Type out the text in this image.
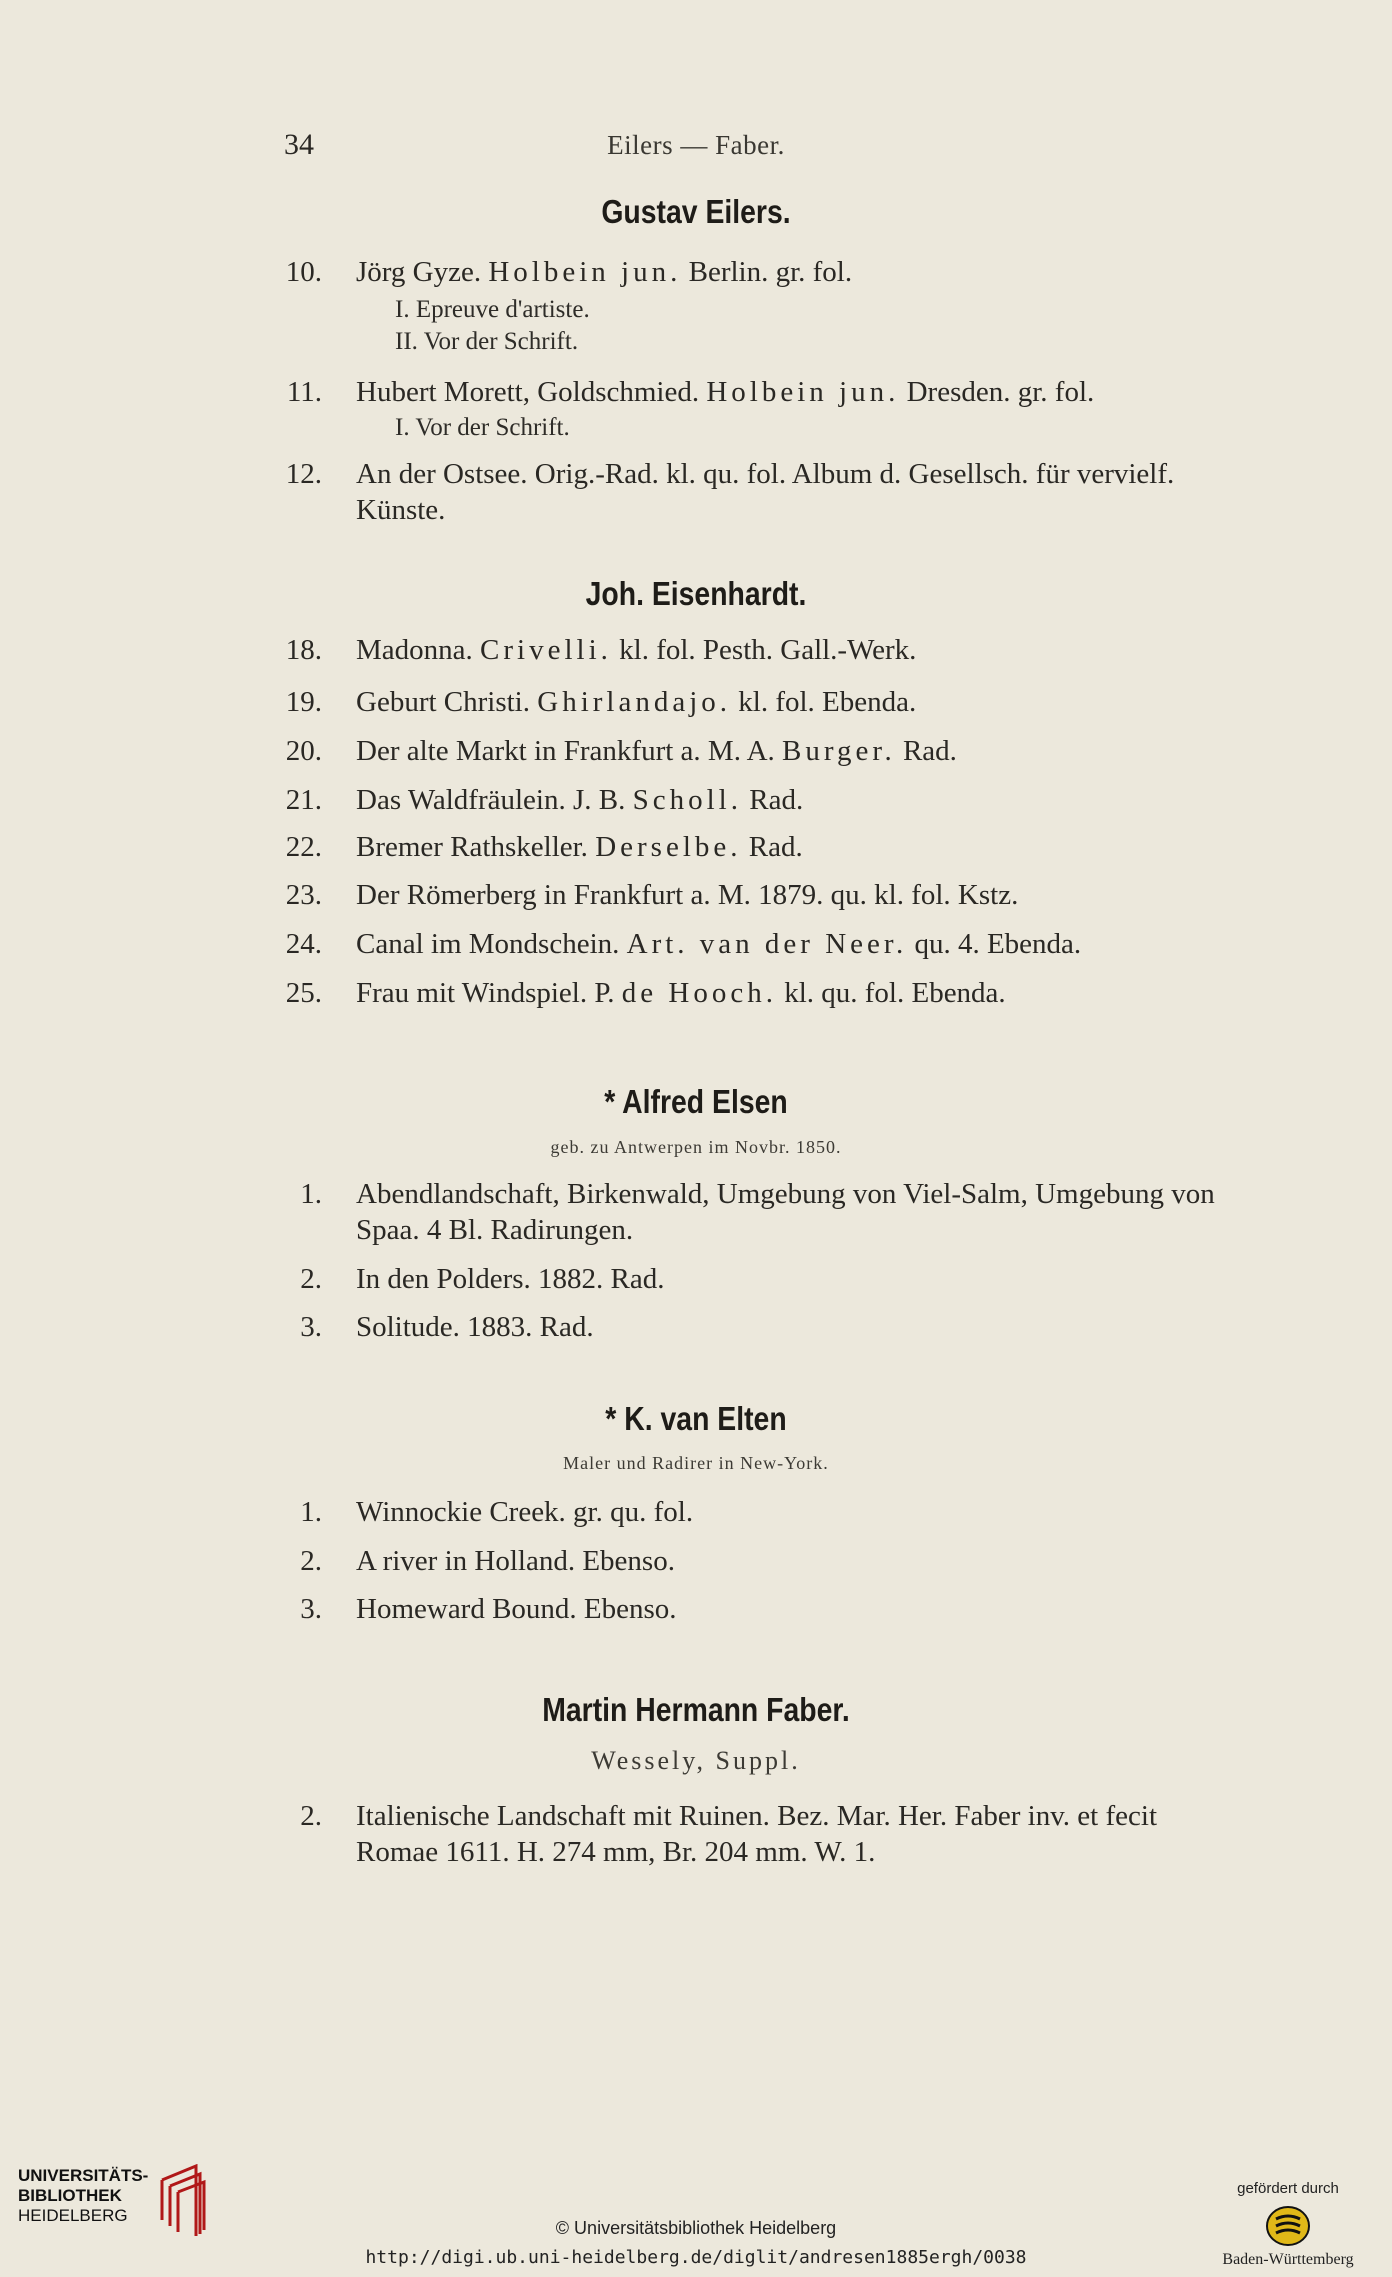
34	Eilers — Faber.
Gustav Eilers.
10. Jörg Gyze. Holbein jun. Berlin. gr. fol.
I. Epreuve d'artiste.
II. Vor der Schrift.
11. Hubert Morett, Goldschmied. Holbein jun. Dresden. gr. fol.
I. Vor der Schrift.
12. An der Ostsee. Orig.-Rad. kl. qu. fol. Album d. Gesellsch. für vervielf. Künste.
Joh. Eisenhardt.
18. Madonna. Crivelli. kl. fol. Pesth. Gall.-Werk.
19. Geburt Christi. Ghirlandajo. kl. fol. Ebenda.
20. Der alte Markt in Frankfurt a. M. A. Burger. Rad.
21. Das Waldfräulein. J. B. Scholl. Rad.
22. Bremer Rathskeller. Derselbe. Rad.
23. Der Römerberg in Frankfurt a. M. 1879. qu. kl. fol. Kstz.
24. Canal im Mondschein. Art. van der Neer. qu. 4. Ebenda.
25. Frau mit Windspiel. P. de Hooch. kl. qu. fol. Ebenda.
* Alfred Elsen
geb. zu Antwerpen im Novbr. 1850.
1. Abendlandschaft, Birkenwald, Umgebung von Viel-Salm, Umgebung von Spaa. 4 Bl. Radirungen.
2. In den Polders. 1882. Rad.
3. Solitude. 1883. Rad.
* K. van Elten
Maler und Radirer in New-York.
1. Winnockie Creek. gr. qu. fol.
2. A river in Holland. Ebenso.
3. Homeward Bound. Ebenso.
Martin Hermann Faber.
Wessely, Suppl.
2. Italienische Landschaft mit Ruinen. Bez. Mar. Her. Faber inv. et fecit Romae 1611. H. 274 mm, Br. 204 mm. W. 1.
UNIVERSITÄTS-
BIBLIOTHEK
HEIDELBERG
© Universitätsbibliothek Heidelberg
http://digi.ub.uni-heidelberg.de/diglit/andresen1885ergh/0038
gefördert durch
Baden-Württemberg
